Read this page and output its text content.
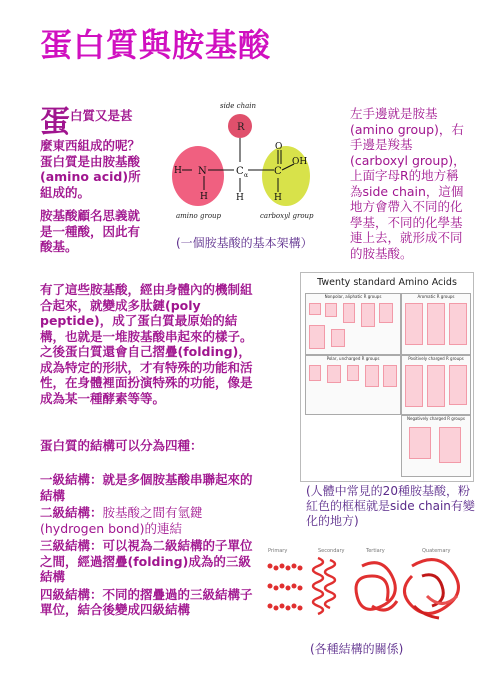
蛋白質與胺基酸
蛋白質又是甚
麼東西組成的呢？蛋白質是由胺基酸(amino acid)所組成的。
胺基酸顧名思義就是一種酸，因此有酸基。
side chain
R
N	C α	C
O
OH
H
H	H	H
amino group	carboxyl group
(一個胺基酸的基本架構）
左手邊就是胺基(amino group)，右手邊是羧基(carboxyl group)，上面字母R的地方稱為side chain，這個地方會帶入不同的化學基，不同的化學基連上去，就形成不同的胺基酸。
有了這些胺基酸，經由身體內的機制組合起來，就變成多肽鏈(poly peptide)，成了蛋白質最原始的結構，也就是一堆胺基酸串起來的樣子。之後蛋白質還會自己摺疊(folding)，成為特定的形狀，才有特殊的功能和活性，在身體裡面扮演特殊的功能，像是成為某一種酵素等等。
蛋白質的結構可以分為四種：
一級結構：就是多個胺基酸串聯起來的結構
二級結構：胺基酸之間有氫鍵(hydrogen bond)的連結
三級結構：可以視為二級結構的子單位之間，經過摺疊(folding)成為的三級結構
四級結構：不同的摺疊過的三級結構子單位，結合後變成四級結構
Twenty standard Amino Acids
Nonpolar, aliphatic R groups	Aromatic R groups
Polar, uncharged R groups	Positively charged R groups
Negatively charged R groups
(人體中常見的20種胺基酸，粉紅色的框框就是side chain有變化的地方)
Primary	Secondary	Tertiary	Quaternary
(各種結構的關係)
